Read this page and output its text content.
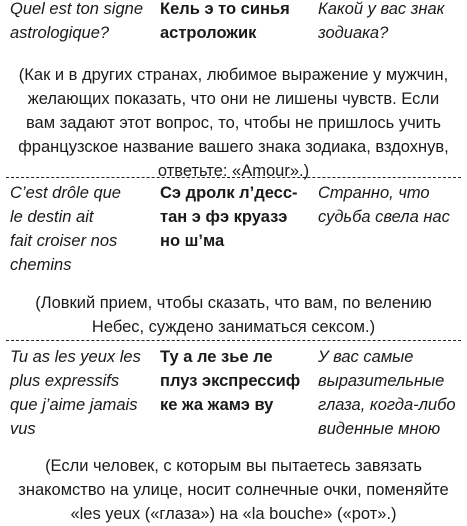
Quel est ton signe
astrologique?
Кель э то синья
астроложик
Какой у вас знак
зодиака?
(Как и в других странах, любимое выражение у мужчин,
желающих показать, что они не лишены чувств. Если
вам задают этот вопрос, то, чтобы не пришлось учить
французское название вашего знака зодиака, вздохнув,
ответьте: «Amour».)
C’est drôle que
le destin ait
fait croiser nos
chemins
Сэ дролк л’десс-
тан э фэ круазэ
но ш’ма
Странно, что
судьба свела нас
(Ловкий прием, чтобы сказать, что вам, по велению
Небес, суждено заниматься сексом.)
Tu as les yeux les
plus expressifs
que j’aime jamais
vus
Ту а ле зье ле
плуз экспрессиф
ке жа жамэ ву
У вас самые
выразительные
глаза, когда-либо
виденные мною
(Если человек, с которым вы пытаетесь завязать
знакомство на улице, носит солнечные очки, поменяйте
«les yeux («глаза») на «la bouche» («рот».)
